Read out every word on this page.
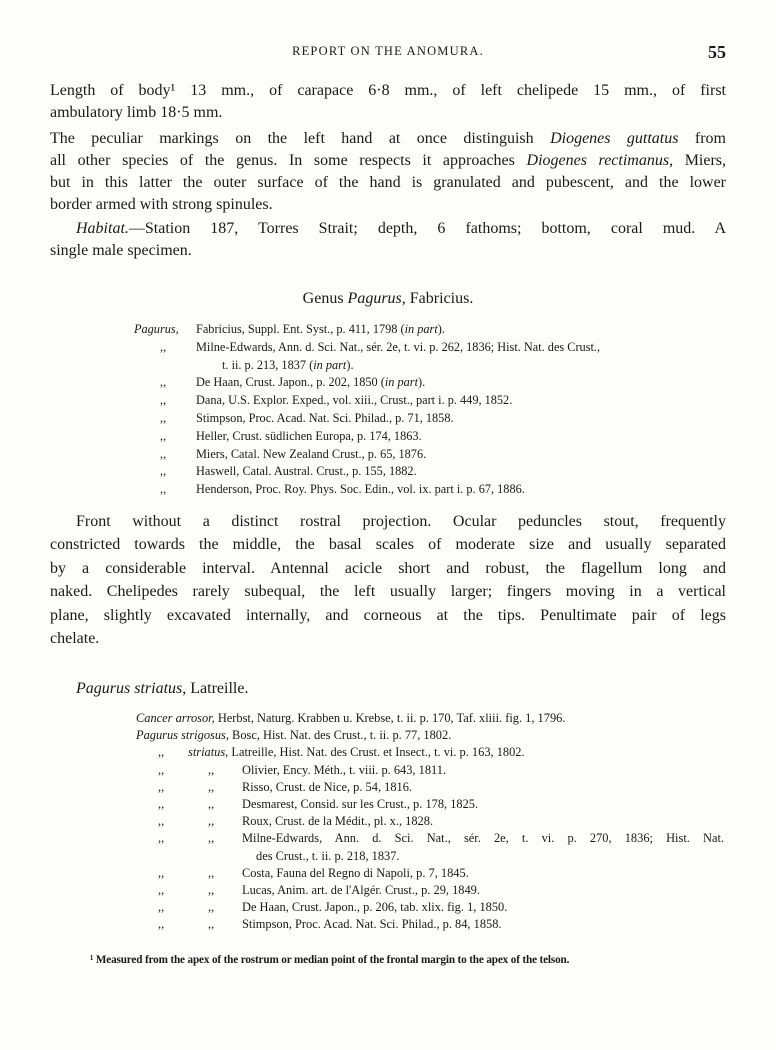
REPORT ON THE ANOMURA.	55
Length of body¹ 13 mm., of carapace 6·8 mm., of left chelipede 15 mm., of first
ambulatory limb 18·5 mm.
The peculiar markings on the left hand at once distinguish Diogenes guttatus from
all other species of the genus. In some respects it approaches Diogenes rectimanus, Miers,
but in this latter the outer surface of the hand is granulated and pubescent, and the lower
border armed with strong spinules.
Habitat.—Station 187, Torres Strait; depth, 6 fathoms; bottom, coral mud. A
single male specimen.
Genus Pagurus, Fabricius.
Pagurus, Fabricius, Suppl. Ent. Syst., p. 411, 1798 (in part).
,,	Milne-Edwards, Ann. d. Sci. Nat., sér. 2e, t. vi. p. 262, 1836; Hist. Nat. des Crust.,
t. ii. p. 213, 1837 (in part).
,,	De Haan, Crust. Japon., p. 202, 1850 (in part).
,,	Dana, U.S. Explor. Exped., vol. xiii., Crust., part i. p. 449, 1852.
,,	Stimpson, Proc. Acad. Nat. Sci. Philad., p. 71, 1858.
,,	Heller, Crust. südlichen Europa, p. 174, 1863.
,,	Miers, Catal. New Zealand Crust., p. 65, 1876.
,,	Haswell, Catal. Austral. Crust., p. 155, 1882.
,,	Henderson, Proc. Roy. Phys. Soc. Edin., vol. ix. part i. p. 67, 1886.
Front without a distinct rostral projection. Ocular peduncles stout, frequently
constricted towards the middle, the basal scales of moderate size and usually separated
by a considerable interval. Antennal acicle short and robust, the flagellum long and
naked. Chelipedes rarely subequal, the left usually larger; fingers moving in a vertical
plane, slightly excavated internally, and corneous at the tips. Penultimate pair of legs
chelate.
Pagurus striatus, Latreille.
Cancer arrosor, Herbst, Naturg. Krabben u. Krebse, t. ii. p. 170, Taf. xliii. fig. 1, 1796.
Pagurus strigosus, Bosc, Hist. Nat. des Crust., t. ii. p. 77, 1802.
,,	striatus, Latreille, Hist. Nat. des Crust. et Insect., t. vi. p. 163, 1802.
,,	,,	Olivier, Ency. Méth., t. viii. p. 643, 1811.
,,	,,	Risso, Crust. de Nice, p. 54, 1816.
,,	,,	Desmarest, Consid. sur les Crust., p. 178, 1825.
,,	,,	Roux, Crust. de la Médit., pl. x., 1828.
,,	,,	Milne-Edwards, Ann. d. Sci. Nat., sér. 2e, t. vi. p. 270, 1836; Hist. Nat.
des Crust., t. ii. p. 218, 1837.
,,	,,	Costa, Fauna del Regno di Napoli, p. 7, 1845.
,,	,,	Lucas, Anim. art. de l'Algér. Crust., p. 29, 1849.
,,	,,	De Haan, Crust. Japon., p. 206, tab. xlix. fig. 1, 1850.
,,	,,	Stimpson, Proc. Acad. Nat. Sci. Philad., p. 84, 1858.
¹ Measured from the apex of the rostrum or median point of the frontal margin to the apex of the telson.
